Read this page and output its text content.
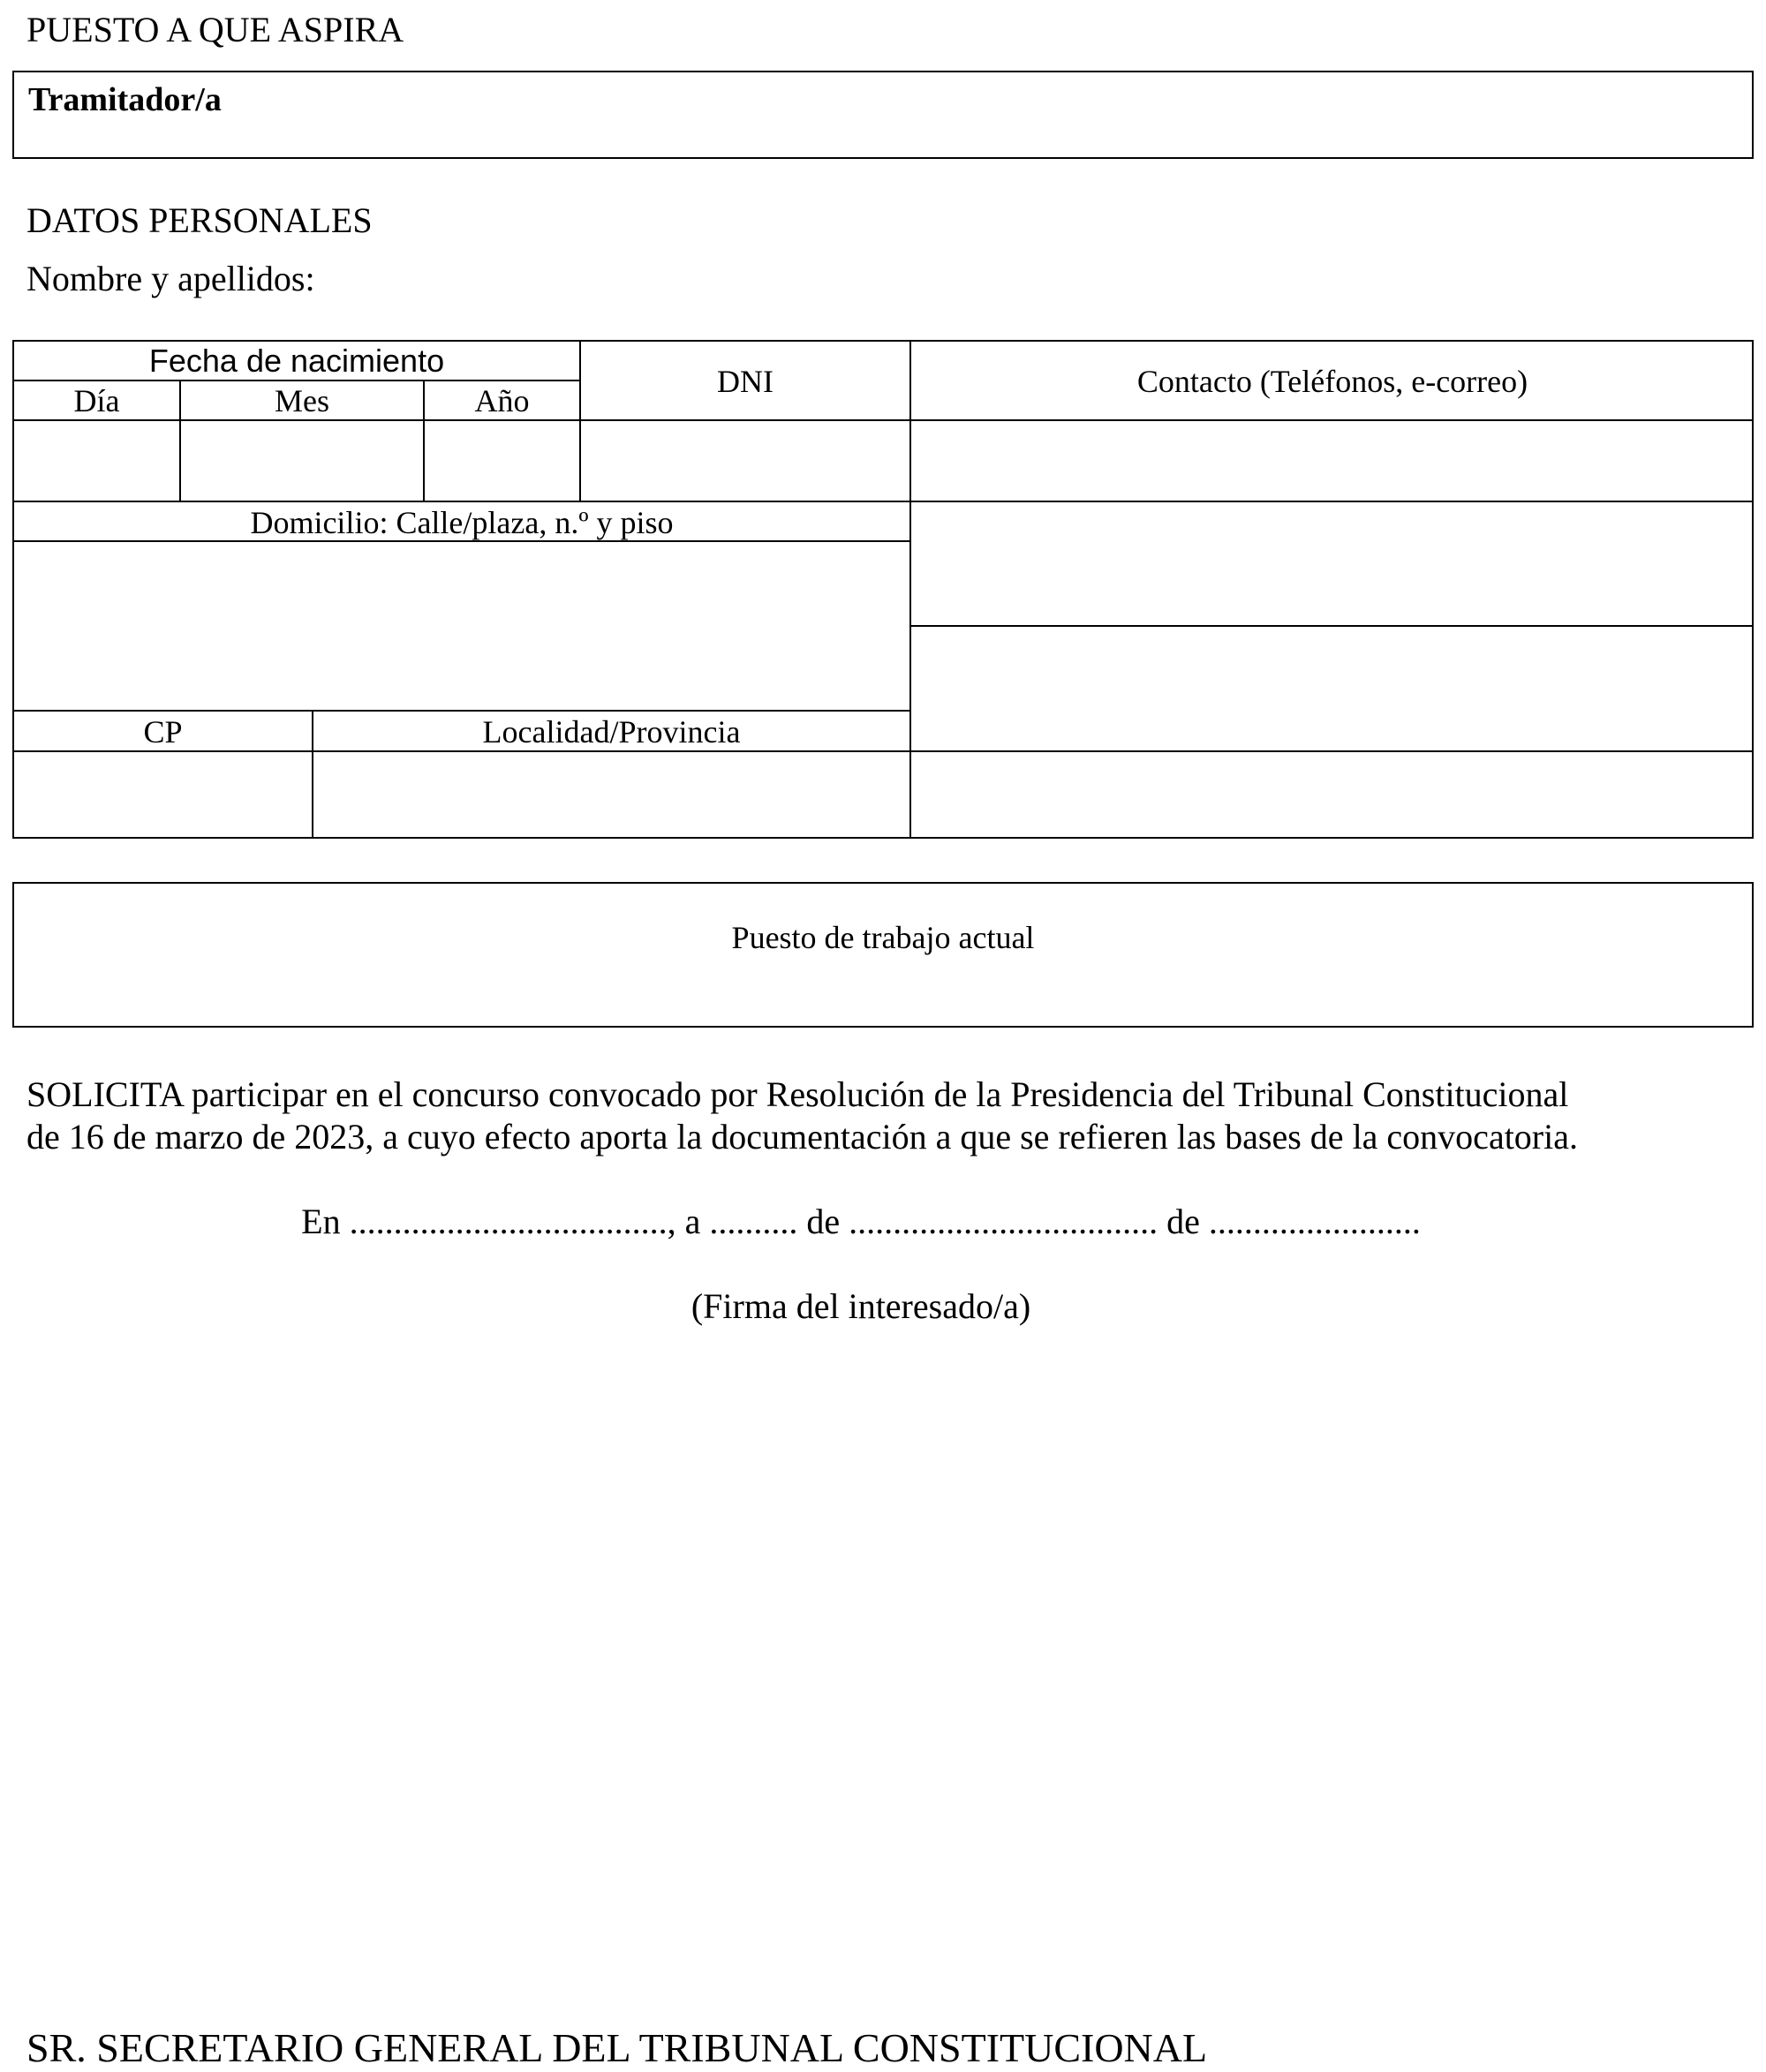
PUESTO A QUE ASPIRA
Tramitador/a
DATOS PERSONALES
Nombre y apellidos:
Fecha de nacimiento
Día	Mes	Año
DNI	Contacto (Teléfonos, e-correo)
Domicilio: Calle/plaza, n.º y piso
CP	Localidad/Provincia
Puesto de trabajo actual
SOLICITA participar en el concurso convocado por Resolución de la Presidencia del Tribunal Constitucional
de 16 de marzo de 2023, a cuyo efecto aporta la documentación a que se refieren las bases de la convocatoria.
En ...................................., a .......... de ................................... de ........................
(Firma del interesado/a)
SR. SECRETARIO GENERAL DEL TRIBUNAL CONSTITUCIONAL
